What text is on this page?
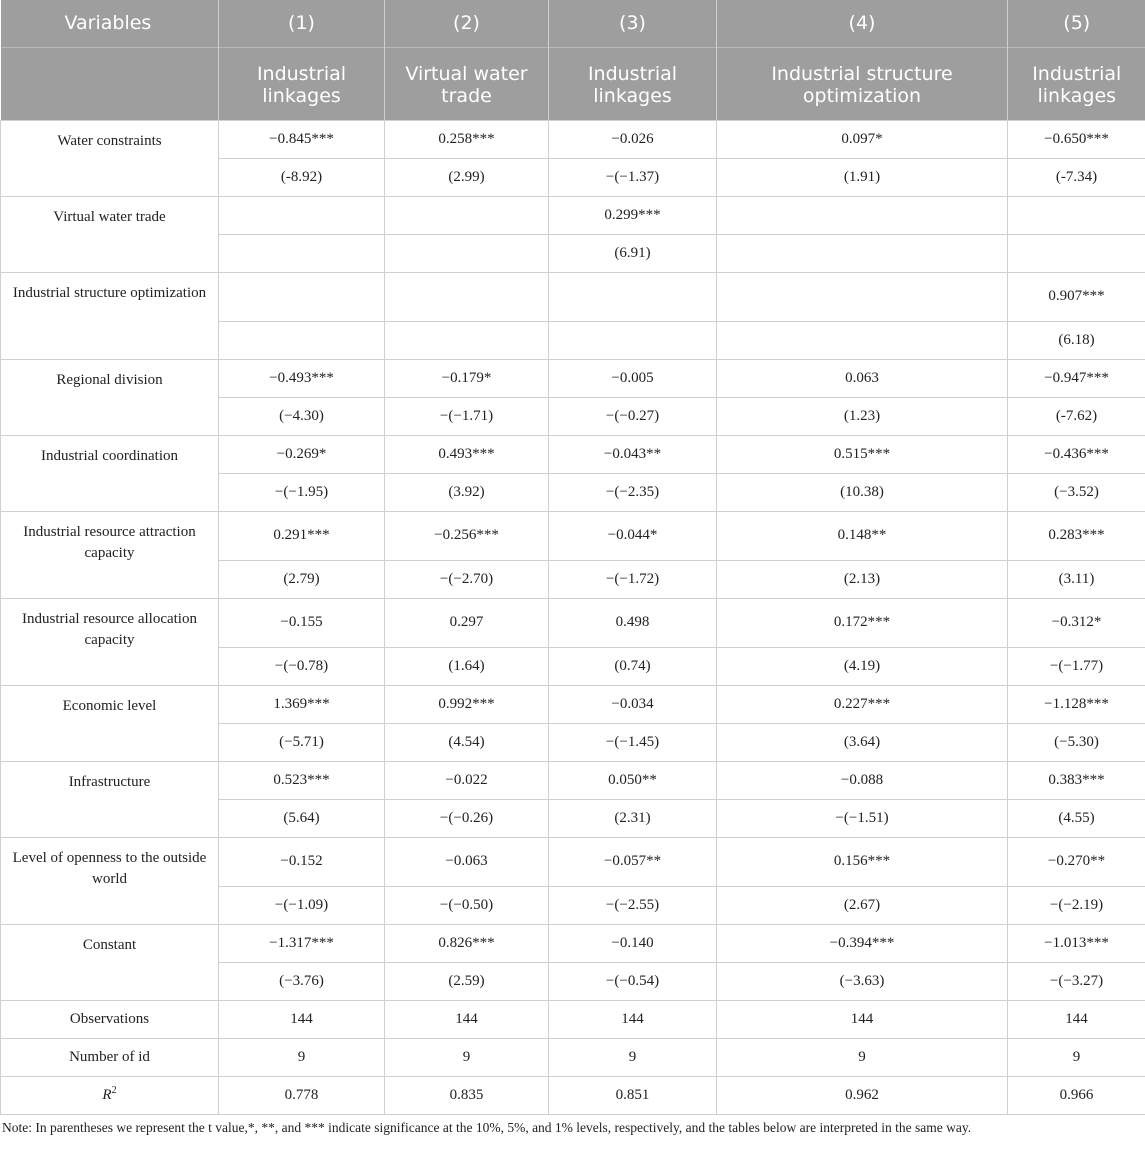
Variables	(1)	(2)	(3)	(4)	(5)
	Industrial linkages	Virtual water trade	Industrial linkages	Industrial structure optimization	Industrial linkages
Water constraints	−0.845***	0.258***	−0.026	0.097*	−0.650***
	(-8.92)	(2.99)	−(−1.37)	(1.91)	(-7.34)
Virtual water trade			0.299***		
			(6.91)		
Industrial structure optimization					0.907***
					(6.18)
Regional division	−0.493***	−0.179*	−0.005	0.063	−0.947***
	(−4.30)	−(−1.71)	−(−0.27)	(1.23)	(-7.62)
Industrial coordination	−0.269*	0.493***	−0.043**	0.515***	−0.436***
	−(−1.95)	(3.92)	−(−2.35)	(10.38)	(−3.52)
Industrial resource attraction capacity	0.291***	−0.256***	−0.044*	0.148**	0.283***
	(2.79)	−(−2.70)	−(−1.72)	(2.13)	(3.11)
Industrial resource allocation capacity	−0.155	0.297	0.498	0.172***	−0.312*
	−(−0.78)	(1.64)	(0.74)	(4.19)	−(−1.77)
Economic level	1.369***	0.992***	−0.034	0.227***	−1.128***
	(−5.71)	(4.54)	−(−1.45)	(3.64)	(−5.30)
Infrastructure	0.523***	−0.022	0.050**	−0.088	0.383***
	(5.64)	−(−0.26)	(2.31)	−(−1.51)	(4.55)
Level of openness to the outside world	−0.152	−0.063	−0.057**	0.156***	−0.270**
	−(−1.09)	−(−0.50)	−(−2.55)	(2.67)	−(−2.19)
Constant	−1.317***	0.826***	−0.140	−0.394***	−1.013***
	(−3.76)	(2.59)	−(−0.54)	(−3.63)	−(−3.27)
Observations	144	144	144	144	144
Number of id	9	9	9	9	9
$R^2$	0.778	0.835	0.851	0.962	0.966
Note: In parentheses we represent the t value,*, **, and *** indicate significance at the 10%, 5%, and 1% levels, respectively, and the tables below are interpreted in the same way.
